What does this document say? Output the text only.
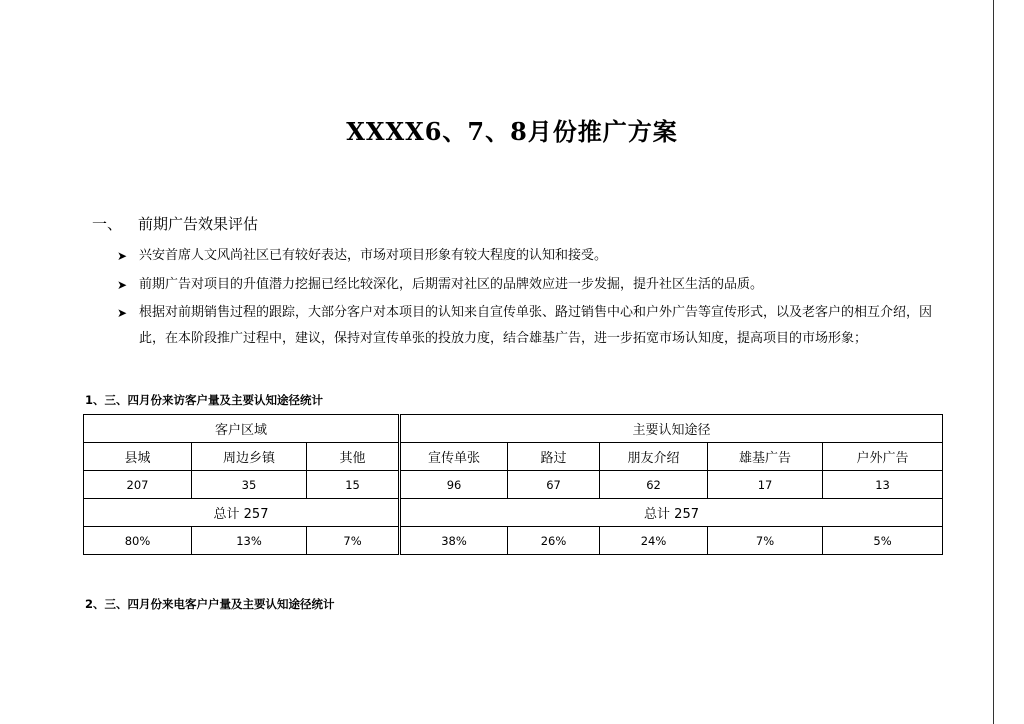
XXXX6、7、8月份推广方案
一、 前期广告效果评估
➤ 兴安首席人文风尚社区已有较好表达，市场对项目形象有较大程度的认知和接受。
➤ 前期广告对项目的升值潜力挖掘已经比较深化，后期需对社区的品牌效应进一步发掘，提升社区生活的品质。
➤ 根据对前期销售过程的跟踪，大部分客户对本项目的认知来自宣传单张、路过销售中心和户外广告等宣传形式，以及老客户的相互介绍，因此，在本阶段推广过程中，建议，保持对宣传单张的投放力度，结合雄基广告，进一步拓宽市场认知度，提高项目的市场形象；
1、三、四月份来访客户量及主要认知途径统计
客户区域			主要认知途径				
县城	周边乡镇	其他	宣传单张	路过	朋友介绍	雄基广告	户外广告
207	35	15	96	67	62	17	13
总计 257			总计 257				
80%	13%	7%	38%	26%	24%	7%	5%
2、三、四月份来电客户户量及主要认知途径统计
